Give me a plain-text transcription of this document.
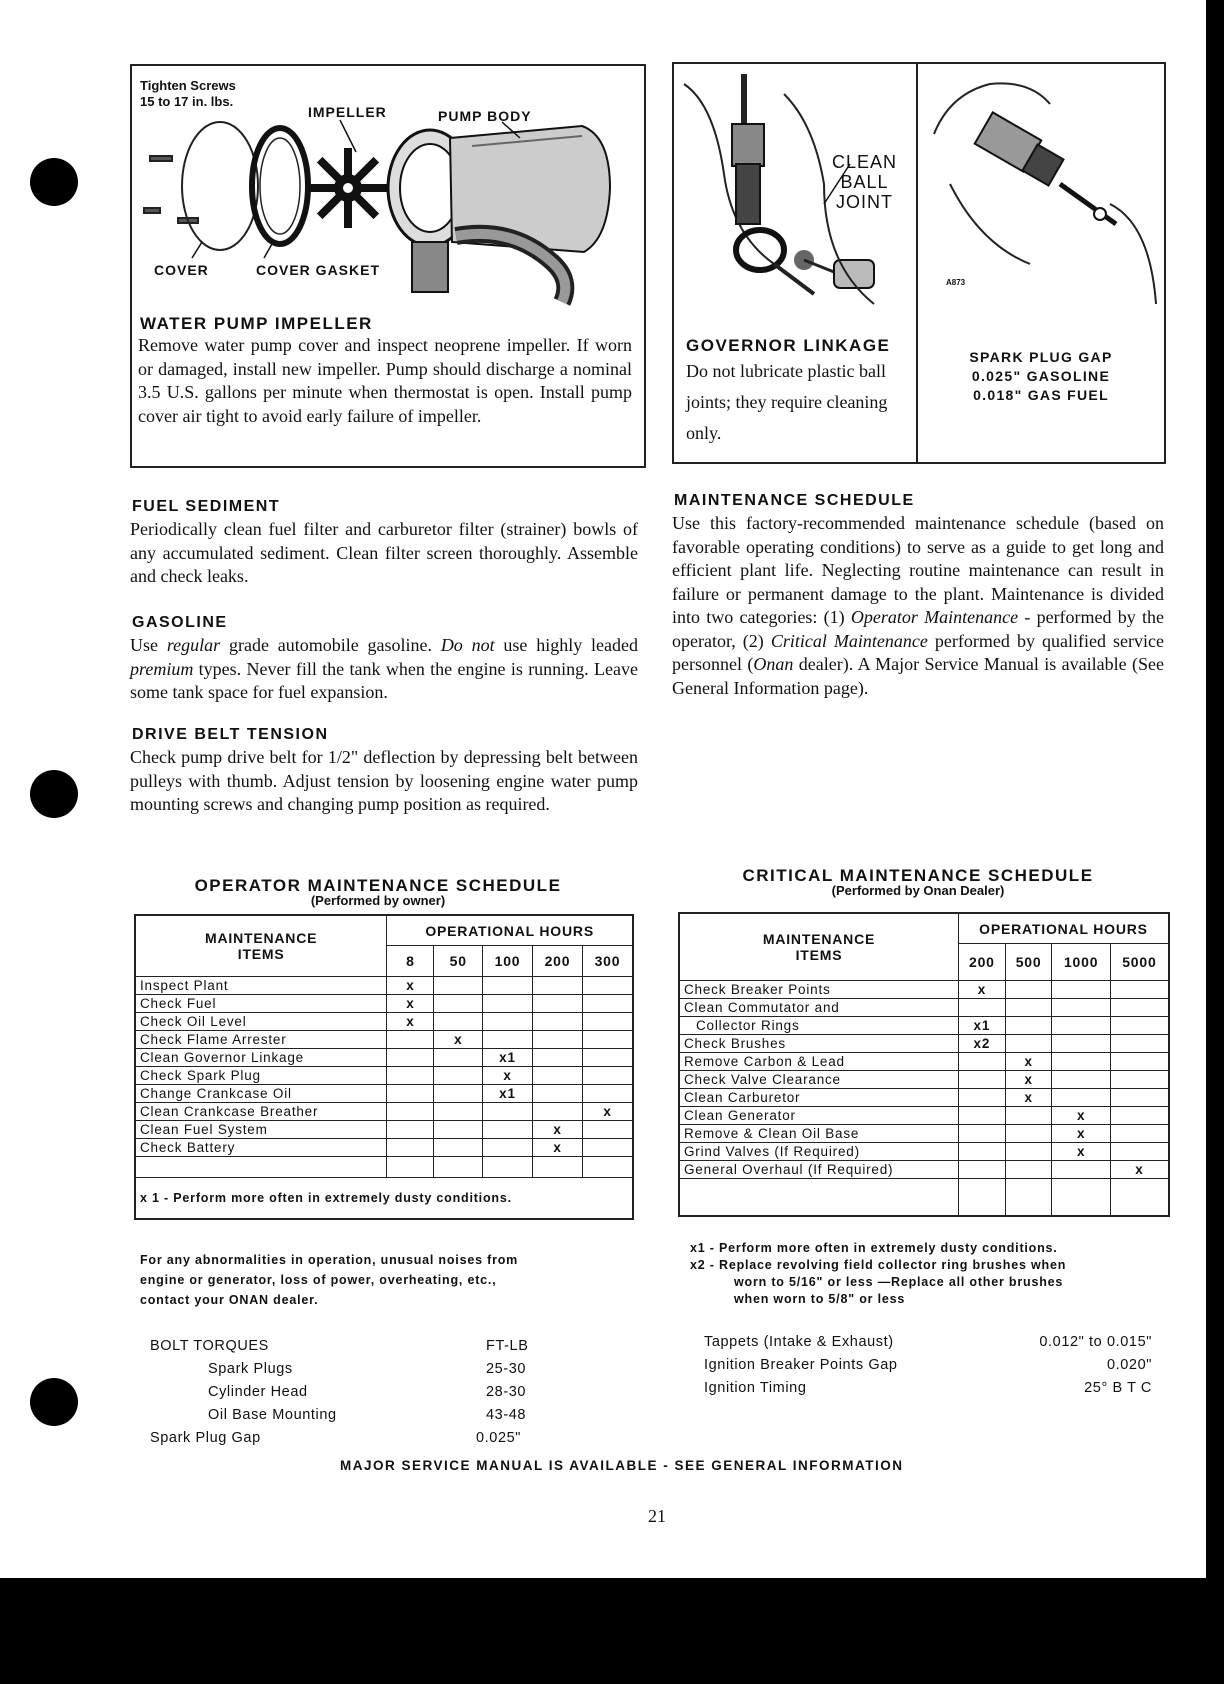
Tighten Screws
15 to 17 in. lbs.
IMPELLER	PUMP BODY
COVER	COVER GASKET
WATER PUMP IMPELLER
Remove water pump cover and inspect neoprene impeller. If worn or damaged, install new impeller. Pump should discharge a nominal 3.5 U.S. gallons per minute when thermostat is open. Install pump cover air tight to avoid early failure of impeller.
CLEAN
BALL
JOINT
GOVERNOR LINKAGE
Do not lubricate plastic ball joints; they require cleaning only.
A873
SPARK PLUG GAP
0.025" GASOLINE
0.018" GAS FUEL
FUEL SEDIMENT
Periodically clean fuel filter and carburetor filter (strainer) bowls of any accumulated sediment. Clean filter screen thoroughly. Assemble and check leaks.
GASOLINE
Use regular grade automobile gasoline. Do not use highly leaded premium types. Never fill the tank when the engine is running. Leave some tank space for fuel expansion.
DRIVE BELT TENSION
Check pump drive belt for 1/2" deflection by depressing belt between pulleys with thumb. Adjust tension by loosening engine water pump mounting screws and changing pump position as required.
MAINTENANCE SCHEDULE
Use this factory-recommended maintenance schedule (based on favorable operating conditions) to serve as a guide to get long and efficient plant life. Neglecting routine maintenance can result in failure or permanent damage to the plant. Maintenance is divided into two categories: (1) Operator Maintenance - performed by the operator, (2) Critical Maintenance performed by qualified service personnel (Onan dealer). A Major Service Manual is available (See General Information page).
OPERATOR MAINTENANCE SCHEDULE
(Performed by owner)
MAINTENANCE
ITEMS	OPERATIONAL HOURS				
	8	50	100	200	300
Inspect Plant	x				
Check Fuel	x				
Check Oil Level	x				
Check Flame Arrester		x			
Clean Governor Linkage			x1		
Check Spark Plug			x		
Change Crankcase Oil			x1		
Clean Crankcase Breather					x
Clean Fuel System				x	
Check Battery				x	

x 1 - Perform more often in extremely dusty conditions.					
CRITICAL MAINTENANCE SCHEDULE
(Performed by Onan Dealer)
MAINTENANCE
ITEMS	OPERATIONAL HOURS			
	200	500	1000	5000
Check Breaker Points	x			
Clean Commutator and				
Collector Rings	x1			
Check Brushes	x2			
Remove Carbon & Lead		x		
Check Valve Clearance		x		
Clean Carburetor		x		
Clean Generator			x	
Remove & Clean Oil Base			x	
Grind Valves (If Required)			x	
General Overhaul (If Required)				x

x1 - Perform more often in extremely dusty conditions.
x2 - Replace revolving field collector ring brushes when
worn to 5/16" or less —Replace all other brushes
when worn to 5/8" or less
For any abnormalities in operation, unusual noises from
engine or generator, loss of power, overheating, etc.,
contact your ONAN dealer.
BOLT TORQUES	FT-LB
Spark Plugs	25-30
Cylinder Head	28-30
Oil Base Mounting	43-48
Spark Plug Gap	0.025"
Tappets (Intake & Exhaust)	0.012" to 0.015"
Ignition Breaker Points Gap	0.020"
Ignition Timing	25° B T C
MAJOR SERVICE MANUAL IS AVAILABLE - SEE GENERAL INFORMATION
21
